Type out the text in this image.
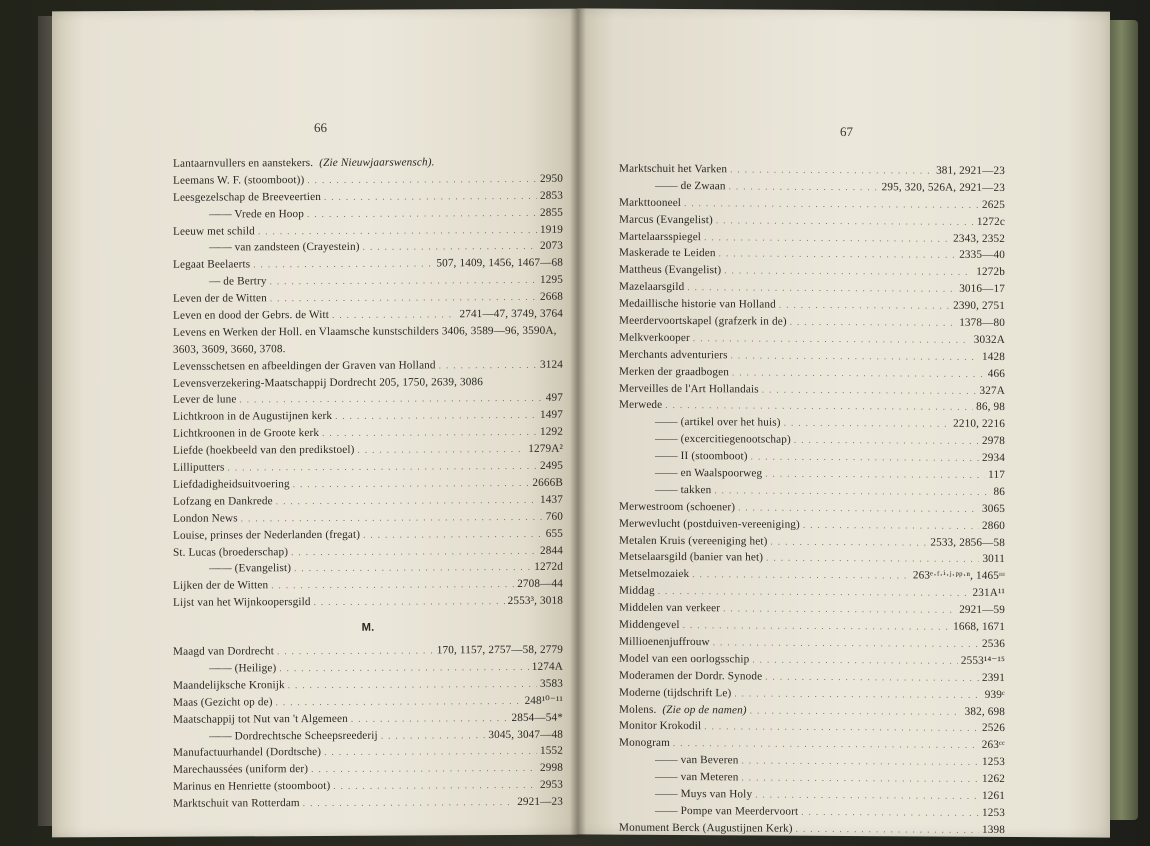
66
Lantaarnvullers en aanstekers. (Zie Nieuwjaarswensch).
Leemans W. F. (stoomboot)) . . .	2950
Leesgezelschap de Breeveertien . . .	2853
—— Vrede en Hoop . . .	2855
Leeuw met schild . . .	1919
—— van zandsteen (Crayestein) . . .	2073
Legaat Beelaerts . . .	507, 1409, 1456, 1467—68
— de Bertry . . .	1295
Leven der de Witten . . .	2668
Leven en dood der Gebrs. de Witt . . .	2741—47, 3749, 3764
Levens en Werken der Holl. en Vlaamsche kunstschilders 3406, 3589—96, 3590A, 3603, 3609, 3660, 3708.
Levensschetsen en afbeeldingen der Graven van Holland . . .	3124
Levensverzekering-Maatschappij Dordrecht 205, 1750, 2639, 3086
Lever de lune . . .	497
Lichtkroon in de Augustijnen kerk . . .	1497
Lichtkroonen in de Groote kerk . . .	1292
Liefde (hoekbeeld van den predikstoel) . . .	1279A²
Lilliputters . . .	2495
Liefdadigheidsuitvoering . . .	2666B
Lofzang en Dankrede . . .	1437
London News . . .	760
Louise, prinses der Nederlanden (fregat) . . .	655
St. Lucas (broederschap) . . .	2844
—— (Evangelist) . . .	1272d
Lijken der de Witten . . .	2708—44
Lijst van het Wijnkoopersgild . . .	2553³, 3018
M.
Maagd van Dordrecht . . .	170, 1157, 2757—58, 2779
—— (Heilige) . . .	1274A
Maandelijksche Kronijk . . .	3583
Maas (Gezicht op de) . . .	248¹⁰⁻¹¹
Maatschappij tot Nut van 't Algemeen . . .	2854—54*
—— Dordrechtsche Scheepsreederij . . .	3045, 3047—48
Manufactuurhandel (Dordtsche) . . .	1552
Marechaussées (uniform der) . . .	2998
Marinus en Henriette (stoomboot) . . .	2953
Marktschuit van Rotterdam . . .	2921—23
67
Marktschuit het Varken . . .	381, 2921—23
—— de Zwaan . . .	295, 320, 526A, 2921—23
Markttooneel . . .	2625
Marcus (Evangelist) . . .	1272c
Martelaarsspiegel . . .	2343, 2352
Maskerade te Leiden . . .	2335—40
Mattheus (Evangelist) . . .	1272b
Mazelaarsgild . . .	3016—17
Medaillische historie van Holland . . .	2390, 2751
Meerdervoortskapel (grafzerk in de) . . .	1378—80
Melkverkooper . . .	3032A
Merchants adventuriers . . .	1428
Merken der graadbogen . . .	466
Merveilles de l'Art Hollandais . . .	327A
Merwede . . .	86, 98
—— (artikel over het huis) . . .	2210, 2216
—— (excercitiegenootschap) . . .	2978
—— II (stoomboot) . . .	2934
—— en Waalspoorweg . . .	117
—— takken . . .	86
Merwestroom (schoener) . . .	3065
Merwevlucht (postduiven-vereeniging) . . .	2860
Metalen Kruis (vereeniging het) . . .	2533, 2856—58
Metselaarsgild (banier van het) . . .	3011
Metselmozaiek . . .	263ᵉ·ᶠ·ⁱ·ʲ·ᵖᵖ·ⁿ, 1465ᶦᶦᶦ
Middag . . .	231A¹¹
Middelen van verkeer . . .	2921—59
Middengevel . . .	1668, 1671
Millioenenjuffrouw . . .	2536
Model van een oorlogsschip . . .	2553¹⁴⁻¹⁵
Moderamen der Dordr. Synode . . .	2391
Moderne (tijdschrift Le) . . .	939ᶜ
Molens. (Zie op de namen) . . .	382, 698
Monitor Krokodil . . .	2526
Monogram . . .	263ᶜᶜ
—— van Beveren . . .	1253
—— van Meteren . . .	1262
—— Muys van Holy . . .	1261
—— Pompe van Meerdervoort . . .	1253
Monument Berck (Augustijnen Kerk) . . .	1398
